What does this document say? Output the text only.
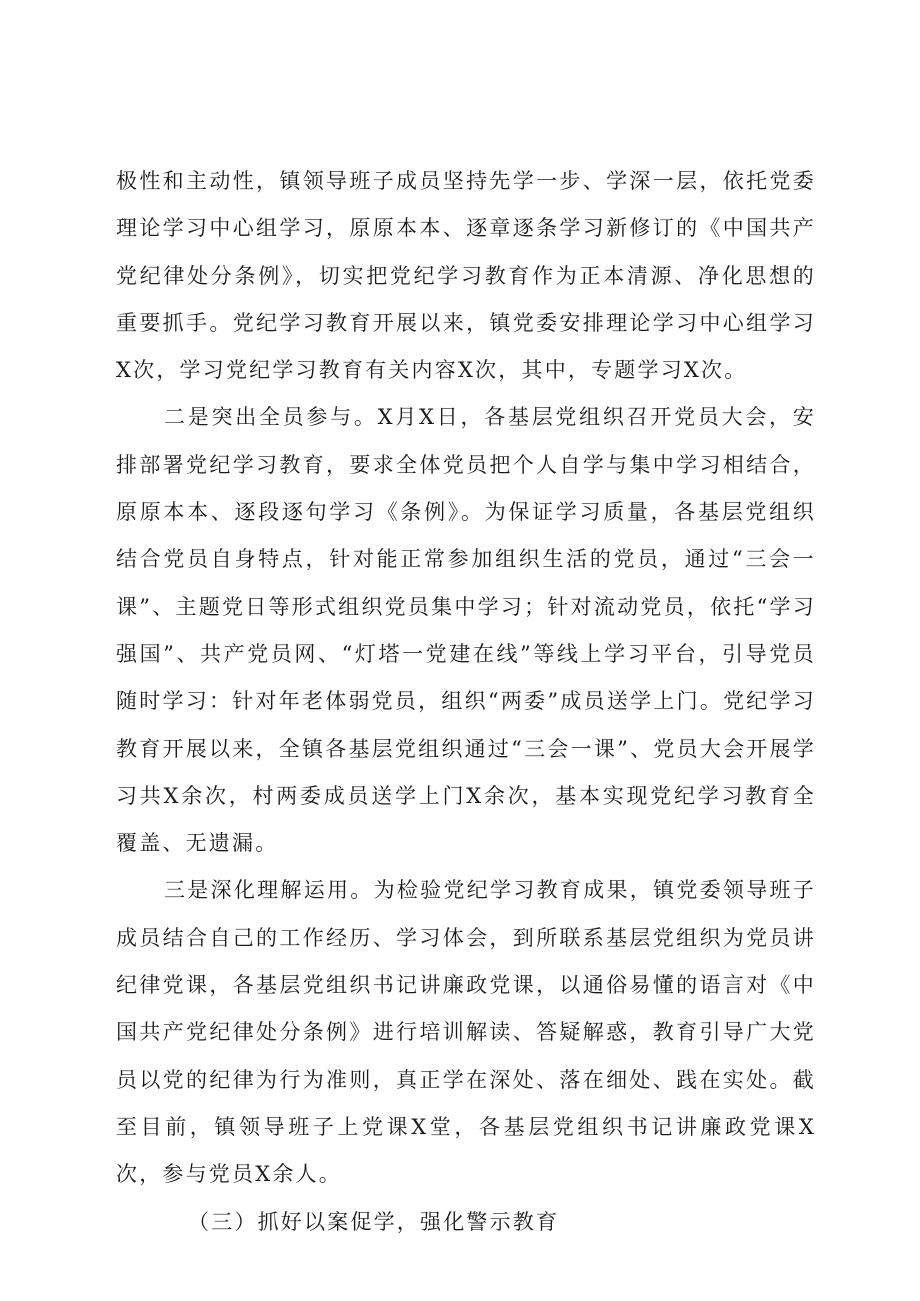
极性和主动性，镇领导班子成员坚持先学一步、学深一层，依托党委理论学习中心组学习，原原本本、逐章逐条学习新修订的《中国共产党纪律处分条例》，切实把党纪学习教育作为正本清源、净化思想的重要抓手。党纪学习教育开展以来，镇党委安排理论学习中心组学习X次，学习党纪学习教育有关内容X次，其中，专题学习X次。

二是突出全员参与。X月X日，各基层党组织召开党员大会，安排部署党纪学习教育，要求全体党员把个人自学与集中学习相结合，原原本本、逐段逐句学习《条例》。为保证学习质量，各基层党组织结合党员自身特点，针对能正常参加组织生活的党员，通过“三会一课”、主题党日等形式组织党员集中学习；针对流动党员，依托“学习强国”、共产党员网、“灯塔一党建在线”等线上学习平台，引导党员随时学习：针对年老体弱党员，组织“两委”成员送学上门。党纪学习教育开展以来，全镇各基层党组织通过“三会一课”、党员大会开展学习共X余次，村两委成员送学上门X余次，基本实现党纪学习教育全覆盖、无遗漏。

三是深化理解运用。为检验党纪学习教育成果，镇党委领导班子成员结合自己的工作经历、学习体会，到所联系基层党组织为党员讲纪律党课，各基层党组织书记讲廉政党课，以通俗易懂的语言对《中国共产党纪律处分条例》进行培训解读、答疑解惑，教育引导广大党员以党的纪律为行为准则，真正学在深处、落在细处、践在实处。截至目前，镇领导班子上党课X堂，各基层党组织书记讲廉政党课X次，参与党员X余人。

（三）抓好以案促学，强化警示教育
